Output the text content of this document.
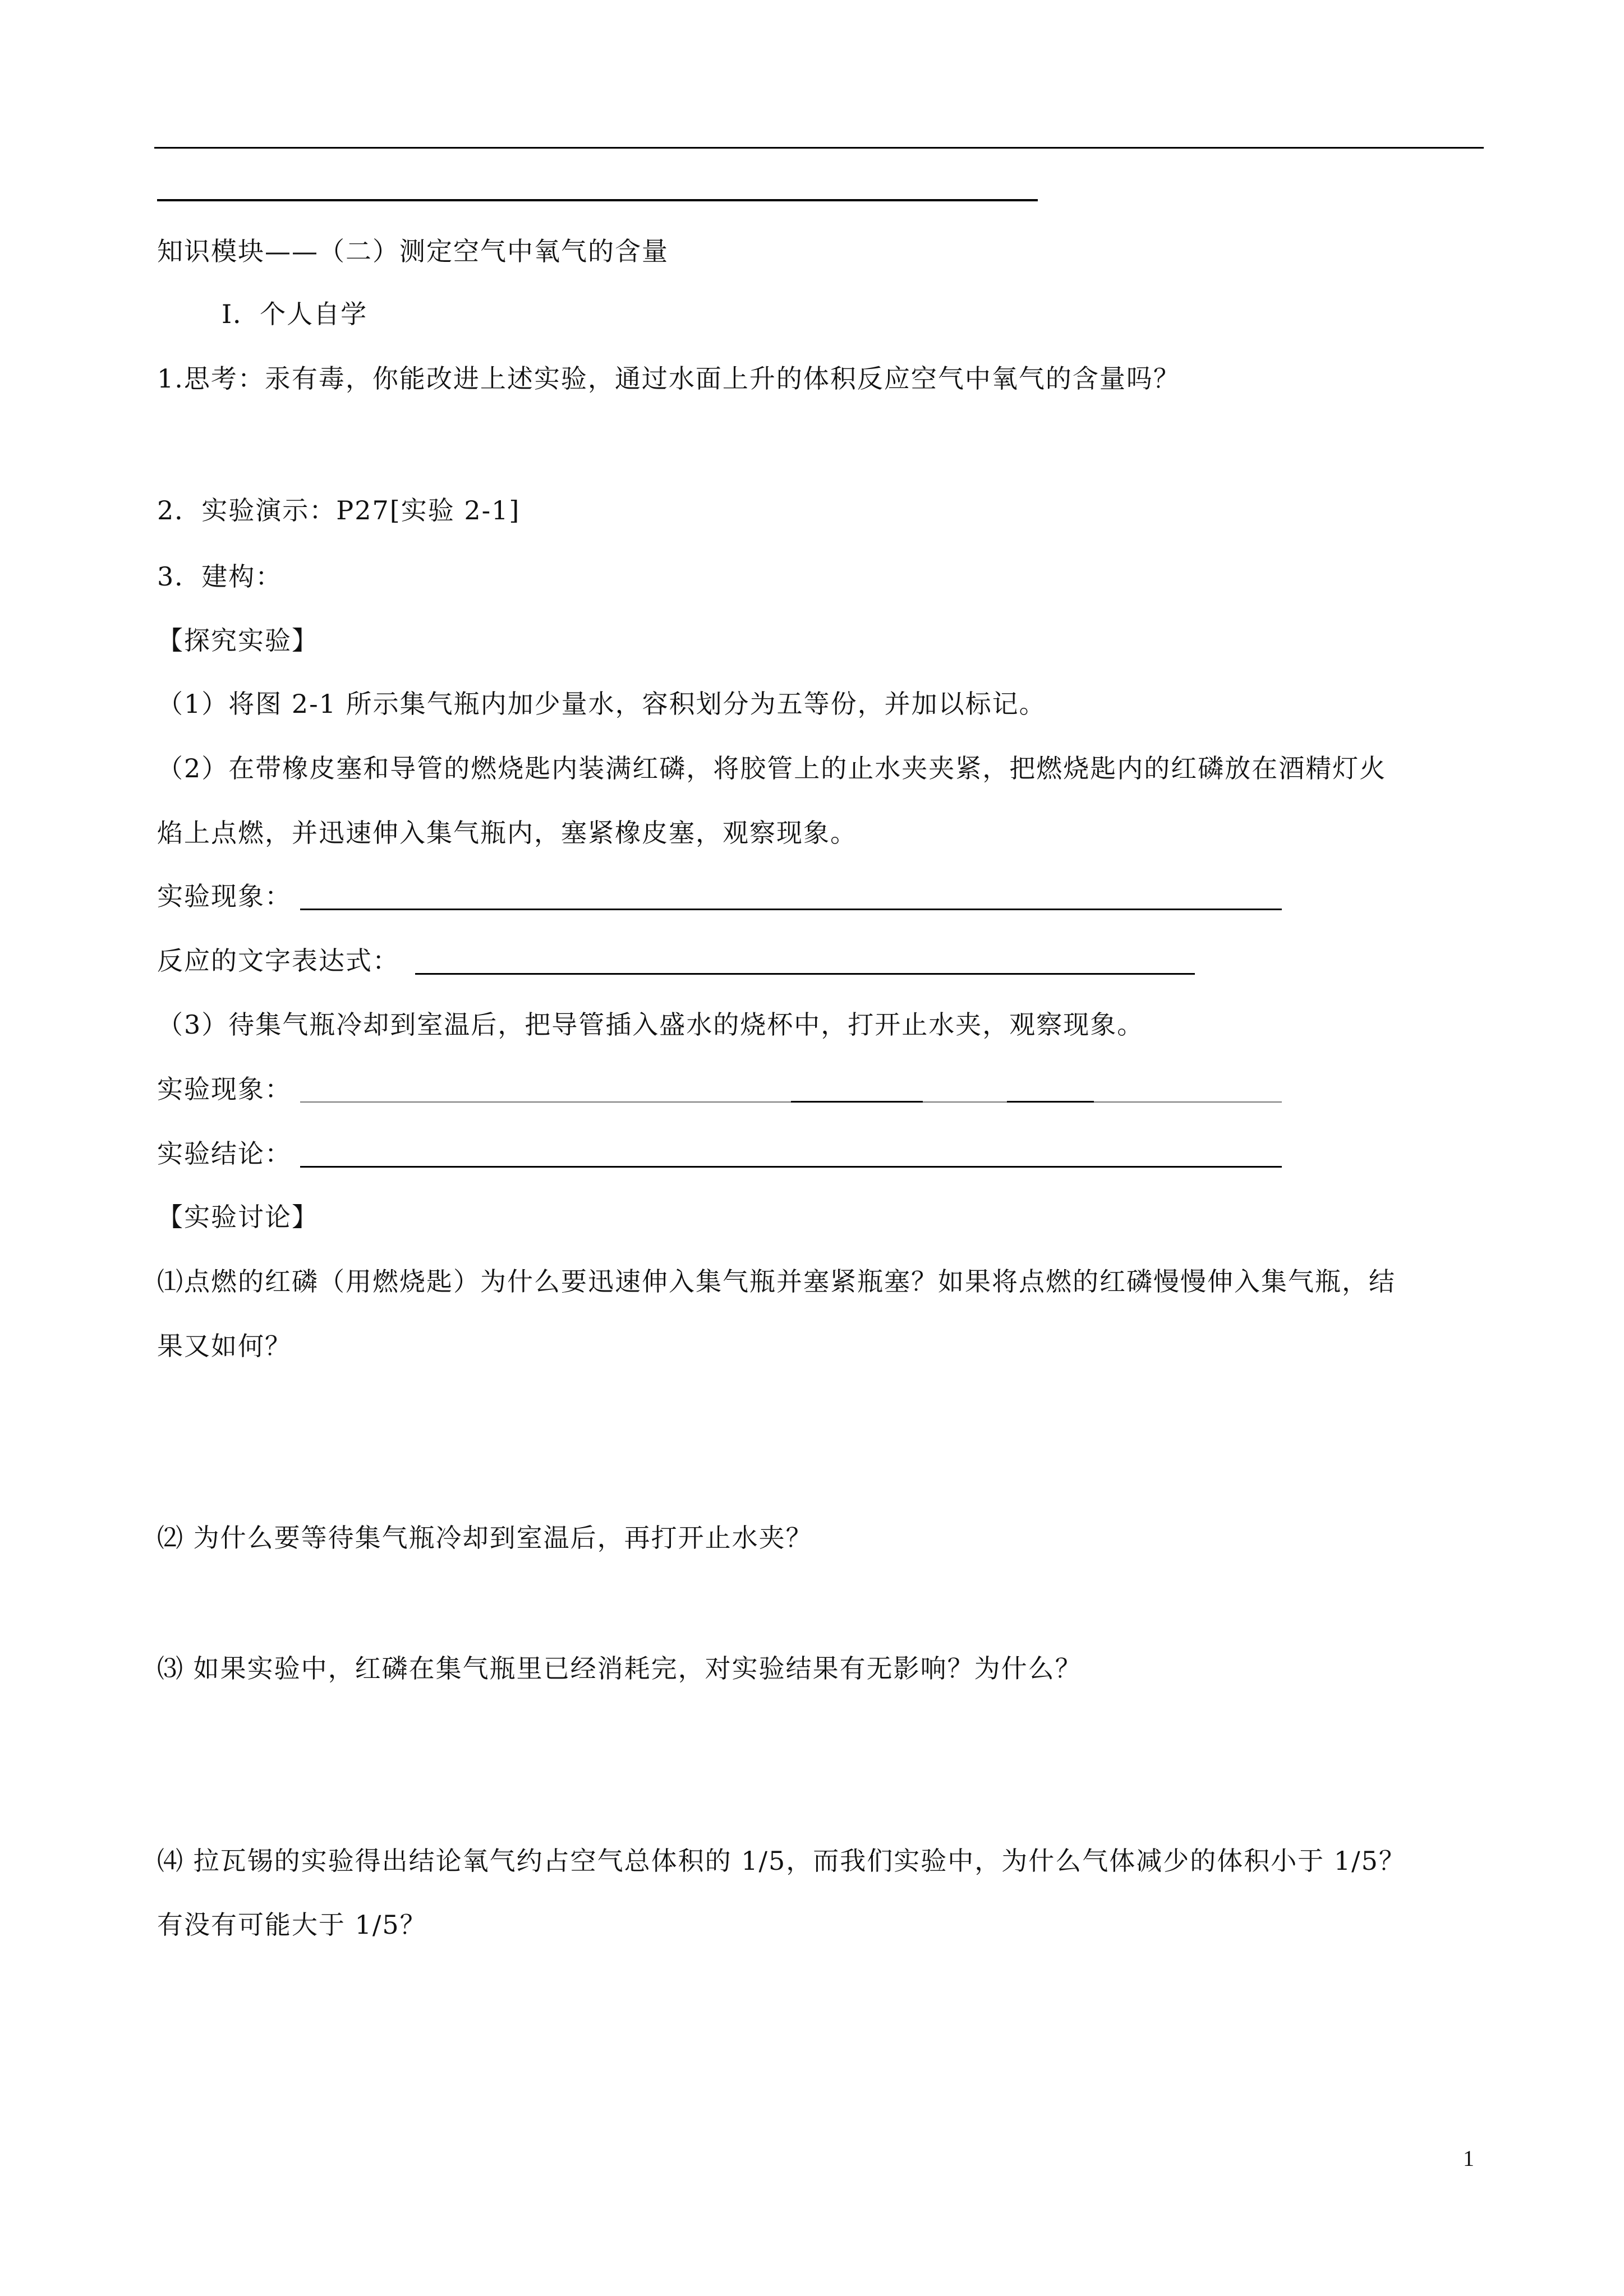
知识模块——（二）测定空气中氧气的含量
Ⅰ．个人自学
1.思考：汞有毒，你能改进上述实验，通过水面上升的体积反应空气中氧气的含量吗？
2．实验演示：P27[实验 2-1]
3．建构：
【探究实验】
（1）将图 2-1 所示集气瓶内加少量水，容积划分为五等份，并加以标记。
（2）在带橡皮塞和导管的燃烧匙内装满红磷，将胶管上的止水夹夹紧，把燃烧匙内的红磷放在酒精灯火
焰上点燃，并迅速伸入集气瓶内，塞紧橡皮塞，观察现象。
实验现象：
反应的文字表达式：
（3）待集气瓶冷却到室温后，把导管插入盛水的烧杯中，打开止水夹，观察现象。
实验现象：
实验结论：
【实验讨论】
⑴点燃的红磷（用燃烧匙）为什么要迅速伸入集气瓶并塞紧瓶塞？如果将点燃的红磷慢慢伸入集气瓶，结
果又如何？
⑵ 为什么要等待集气瓶冷却到室温后，再打开止水夹？
⑶ 如果实验中，红磷在集气瓶里已经消耗完，对实验结果有无影响？为什么？
⑷ 拉瓦锡的实验得出结论氧气约占空气总体积的 1/5，而我们实验中，为什么气体减少的体积小于 1/5？
有没有可能大于 1/5？
1
